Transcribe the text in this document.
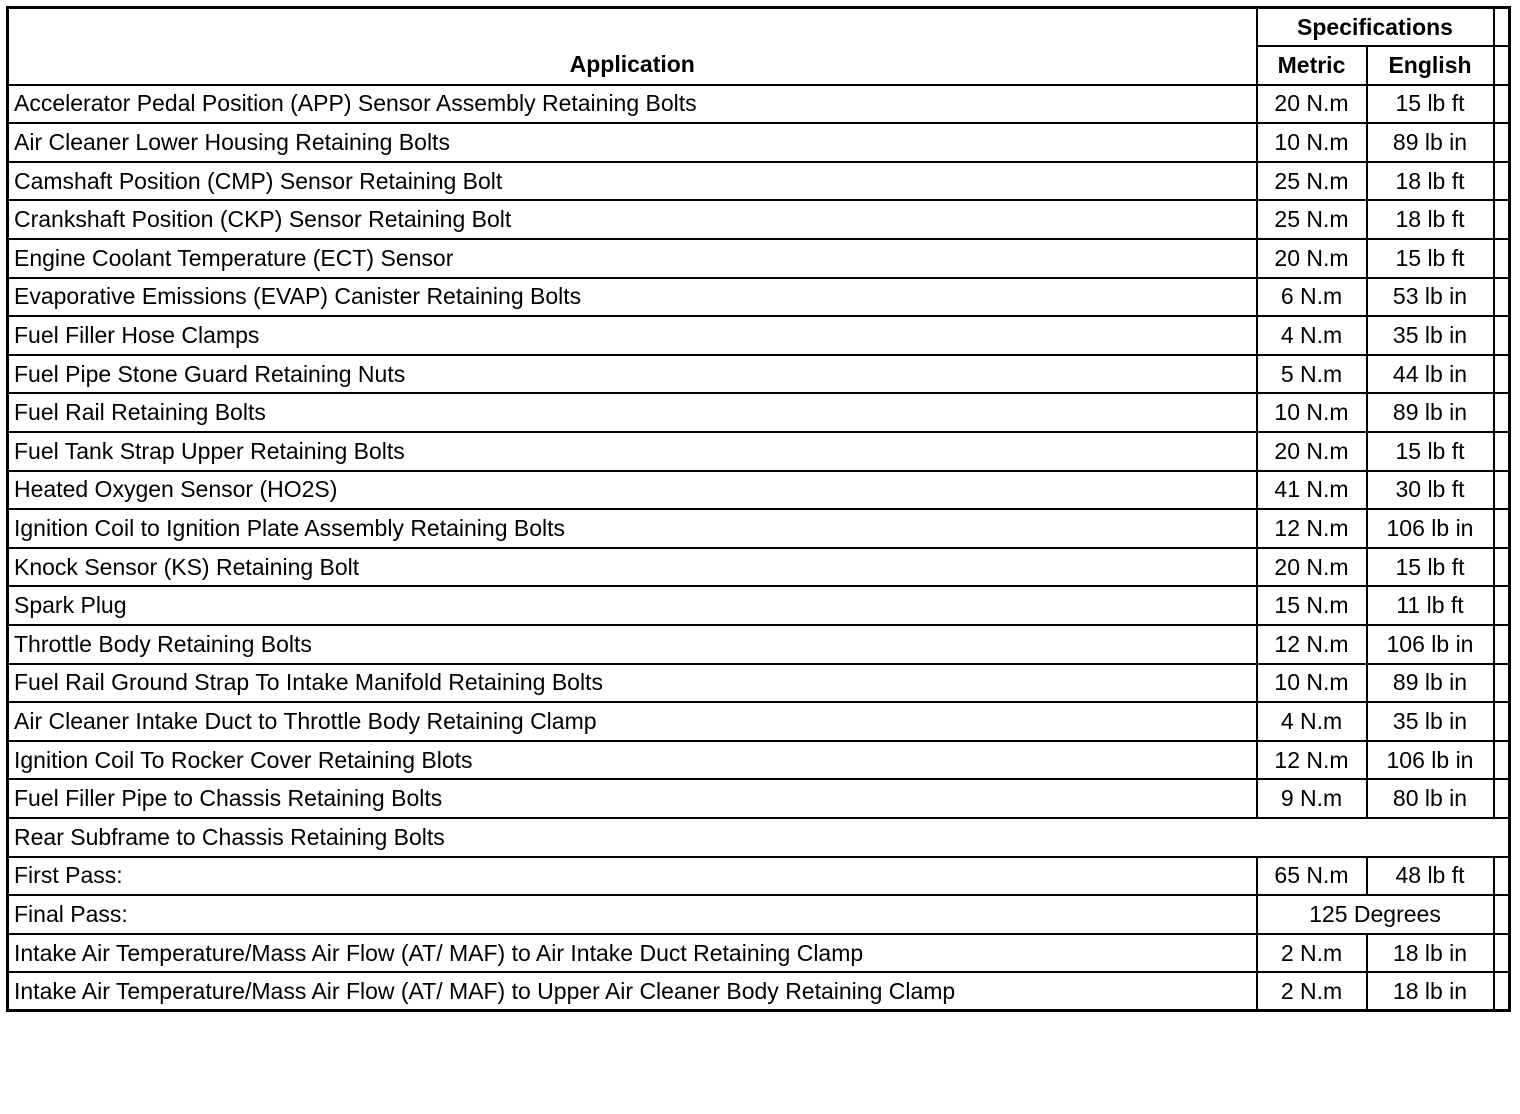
Application	Specifications		
	Metric	English	
Accelerator Pedal Position (APP) Sensor Assembly Retaining Bolts	20 N.m	15 lb ft	
Air Cleaner Lower Housing Retaining Bolts	10 N.m	89 lb in	
Camshaft Position (CMP) Sensor Retaining Bolt	25 N.m	18 lb ft	
Crankshaft Position (CKP) Sensor Retaining Bolt	25 N.m	18 lb ft	
Engine Coolant Temperature (ECT) Sensor	20 N.m	15 lb ft	
Evaporative Emissions (EVAP) Canister Retaining Bolts	6 N.m	53 lb in	
Fuel Filler Hose Clamps	4 N.m	35 lb in	
Fuel Pipe Stone Guard Retaining Nuts	5 N.m	44 lb in	
Fuel Rail Retaining Bolts	10 N.m	89 lb in	
Fuel Tank Strap Upper Retaining Bolts	20 N.m	15 lb ft	
Heated Oxygen Sensor (HO2S)	41 N.m	30 lb ft	
Ignition Coil to Ignition Plate Assembly Retaining Bolts	12 N.m	106 lb in	
Knock Sensor (KS) Retaining Bolt	20 N.m	15 lb ft	
Spark Plug	15 N.m	11 lb ft	
Throttle Body Retaining Bolts	12 N.m	106 lb in	
Fuel Rail Ground Strap To Intake Manifold Retaining Bolts	10 N.m	89 lb in	
Air Cleaner Intake Duct to Throttle Body Retaining Clamp	4 N.m	35 lb in	
Ignition Coil To Rocker Cover Retaining Blots	12 N.m	106 lb in	
Fuel Filler Pipe to Chassis Retaining Bolts	9 N.m	80 lb in	
Rear Subframe to Chassis Retaining Bolts			
First Pass:	65 N.m	48 lb ft	
Final Pass:	125 Degrees		
Intake Air Temperature/Mass Air Flow (AT/ MAF) to Air Intake Duct Retaining Clamp	2 N.m	18 lb in	
Intake Air Temperature/Mass Air Flow (AT/ MAF) to Upper Air Cleaner Body Retaining Clamp	2 N.m	18 lb in	
